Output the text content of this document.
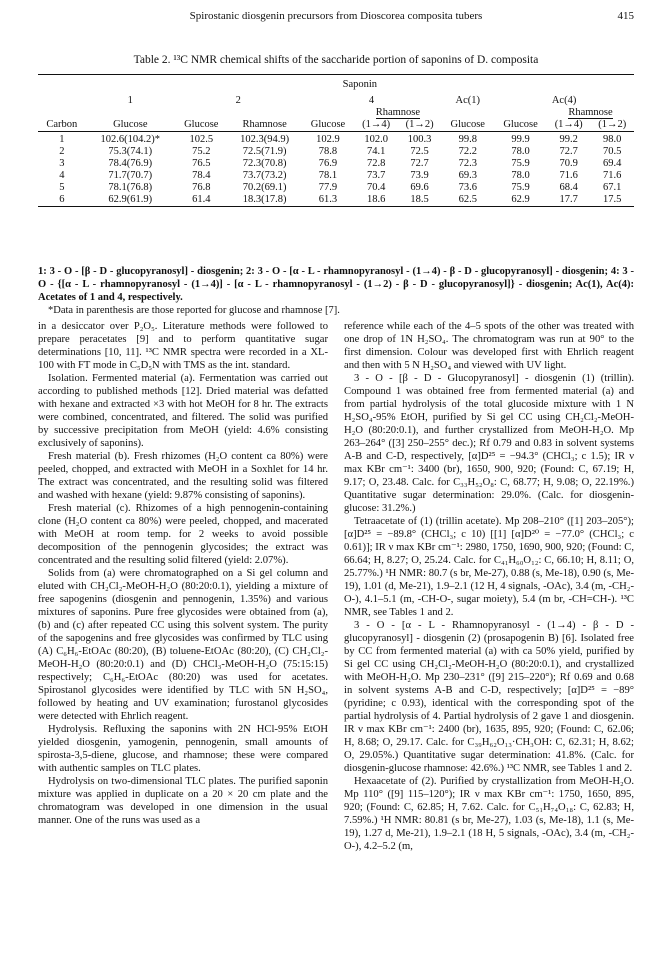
Spirostanic diosgenin precursors from Dioscorea composita tubers	415
Table 2. ¹³C NMR chemical shifts of the saccharide portion of saponins of D. composita

	Saponin									

	1	2		4			Ac(1)	Ac(4)		
					Rhamnose				Rhamnose	
Carbon	Glucose	Glucose	Rhamnose	Glucose	(1→4)	(1→2)	Glucose	Glucose	(1→4)	(1→2)

1	102.6(104.2)*	102.5	102.3(94.9)	102.9	102.0	100.3	99.8	99.9	99.2	98.0
2	75.3(74.1)	75.2	72.5(71.9)	78.8	74.1	72.5	72.2	78.0	72.7	70.5
3	78.4(76.9)	76.5	72.3(70.8)	76.9	72.8	72.7	72.3	75.9	70.9	69.4
4	71.7(70.7)	78.4	73.7(73.2)	78.1	73.7	73.9	69.3	78.0	71.6	71.6
5	78.1(76.8)	76.8	70.2(69.1)	77.9	70.4	69.6	73.6	75.9	68.4	67.1
6	62.9(61.9)	61.4	18.3(17.8)	61.3	18.6	18.5	62.5	62.9	17.7	17.5

1: 3 - O - [β - D - glucopyranosyl] - diosgenin; 2: 3 - O - [α - L - rhamnopyranosyl - (1→4) - β - D - glucopyranosyl] - diosgenin; 4: 3 - O - {[α - L - rhamnopyranosyl - (1→4)] - [α - L - rhamnopyranosyl - (1→2) - β - D - glucopyranosyl]} - diosgenin; Ac(1), Ac(4): Acetates of 1 and 4, respectively.

*Data in parenthesis are those reported for glucose and rhamnose [7].

in a desiccator over P₂O₅. Literature methods were followed to prepare peracetates [9] and to perform quantitative sugar determinations [10, 11]. ¹³C NMR spectra were recorded in a XL-100 with FT mode in C₅D₅N with TMS as the int. standard.

Isolation. Fermented material (a). Fermentation was carried out according to published methods [12]. Dried material was defatted with hexane and extracted ×3 with hot MeOH for 8 hr. The extracts were combined, concentrated, and filtered. The solid was purified by successive precipitation from MeOH (yield: 4.6% consisting exclusively of saponins).

Fresh material (b). Fresh rhizomes (H₂O content ca 80%) were peeled, chopped, and extracted with MeOH in a Soxhlet for 14 hr. The extract was concentrated, and the resulting solid was filtered and washed with hexane (yield: 9.87% consisting of saponins).

Fresh material (c). Rhizomes of a high pennogenin-containing clone (H₂O content ca 80%) were peeled, chopped, and macerated with MeOH at room temp. for 2 weeks to avoid possible decomposition of the pennogenin glycosides; the extract was concentrated and the resulting solid filtered (yield: 2.07%).

Solids from (a) were chromatographed on a Si gel column and eluted with CH₂Cl₂-MeOH-H₂O (80:20:0.1), yielding a mixture of free sapogenins (diosgenin and pennogenin, 1.35%) and various mixtures of saponins. Pure free glycosides were obtained from (a), (b) and (c) after repeated CC using this solvent system. The purity of the sapogenins and free glycosides was confirmed by TLC using (A) C₆H₆-EtOAc (80:20), (B) toluene-EtOAc (80:20), (C) CH₂Cl₂-MeOH-H₂O (80:20:0.1) and (D) CHCl₃-MeOH-H₂O (75:15:15) respectively; C₆H₆-EtOAc (80:20) was used for acetates. Spirostanol glycosides were identified by TLC with 5N H₂SO₄, followed by heating and UV examination; furostanol glycosides were detected with Ehrlich reagent.

Hydrolysis. Refluxing the saponins with 2N HCl-95% EtOH yielded diosgenin, yamogenin, pennogenin, small amounts of spirosta-3,5-diene, glucose, and rhamnose; these were compared with authentic samples on TLC plates.

Hydrolysis on two-dimensional TLC plates. The purified saponin mixture was applied in duplicate on a 20 × 20 cm plate and the chromatogram was developed in one dimension in the usual manner. One of the runs was used as a

reference while each of the 4–5 spots of the other was treated with one drop of 1N H₂SO₄. The chromatogram was run at 90° to the first dimension. Colour was developed first with Ehrlich reagent and then with 5 N H₂SO₄ and viewed with UV light.

3 - O - [β - D - Glucopyranosyl] - diosgenin (1) (trillin). Compound 1 was obtained free from fermented material (a) and from partial hydrolysis of the total glucoside mixture with 1 N H₂SO₄-95% EtOH, purified by Si gel CC using CH₂Cl₂-MeOH-H₂O (80:20:0.1), and further crystallized from MeOH-H₂O. Mp 263–264° ([3] 250–255° dec.); Rf 0.79 and 0.83 in solvent systems A-B and C-D, respectively, [α]D²⁵ = −94.3° (CHCl₃; c 1.5); IR ν max KBr cm⁻¹: 3400 (br), 1650, 900, 920; (Found: C, 67.19; H, 9.17; O, 23.48. Calc. for C₃₃H₅₂O₈: C, 68.77; H, 9.08; O, 22.19%.) Quantitative sugar determination: 29.0%. (Calc. for diosgenin-glucose: 31.2%.)

Tetraacetate of (1) (trillin acetate). Mp 208–210° ([1] 203–205°); [α]D²⁵ = −89.8° (CHCl₃; c 10) [[1] [α]D²⁰ = −77.0° (CHCl₃; c 0.61)]; IR ν max KBr cm⁻¹: 2980, 1750, 1690, 900, 920; (Found: C, 66.64; H, 8.27; O, 25.24. Calc. for C₄₁H₆₀O₁₂: C, 66.10; H, 8.11; O, 25.77%.) ¹H NMR: 80.7 (s br, Me-27), 0.88 (s, Me-18), 0.90 (s, Me-19), 1.01 (d, Me-21), 1.9–2.1 (12 H, 4 signals, -OAc), 3.4 (m, -CH₂-O-), 4.1–5.1 (m, -CH-O-, sugar moiety), 5.4 (m br, -CH=CH-). ¹³C NMR, see Tables 1 and 2.

3 - O - [α - L - Rhamnopyranosyl - (1→4) - β - D - glucopyranosyl] - diosgenin (2) (prosapogenin B) [6]. Isolated free by CC from fermented material (a) with ca 50% yield, purified by Si gel CC using CH₂Cl₂-MeOH-H₂O (80:20:0.1), and crystallized with MeOH-H₂O. Mp 230–231° ([9] 215–220°); Rf 0.69 and 0.68 in solvent systems A-B and C-D, respectively; [α]D²⁵ = −89° (pyridine; c 0.93), identical with the corresponding spot of the partial hydrolysis of 4. Partial hydrolysis of 2 gave 1 and diosgenin. IR ν max KBr cm⁻¹: 2400 (br), 1635, 895, 920; (Found: C, 62.06; H, 8.68; O, 29.17. Calc. for C₃₉H₆₂O₁₃·CH₃OH: C, 62.31; H, 8.62; O, 29.05%.) Quantitative sugar determination: 41.8%. (Calc. for diosgenin-glucose rhamnose: 42.6%.) ¹³C NMR, see Tables 1 and 2.

Hexaacetate of (2). Purified by crystallization from MeOH-H₂O. Mp 110° ([9] 115–120°); IR ν max KBr cm⁻¹: 1750, 1650, 895, 920; (Found: C, 62.85; H, 7.62. Calc. for C₅₁H₇₄O₁₈: C, 62.83; H, 7.59%.) ¹H NMR: 80.81 (s br, Me-27), 1.03 (s, Me-18), 1.1 (s, Me-19), 1.27 d, Me-21), 1.9–2.1 (18 H, 5 signals, -OAc), 3.4 (m, -CH₂-O-), 4.2–5.2 (m,
